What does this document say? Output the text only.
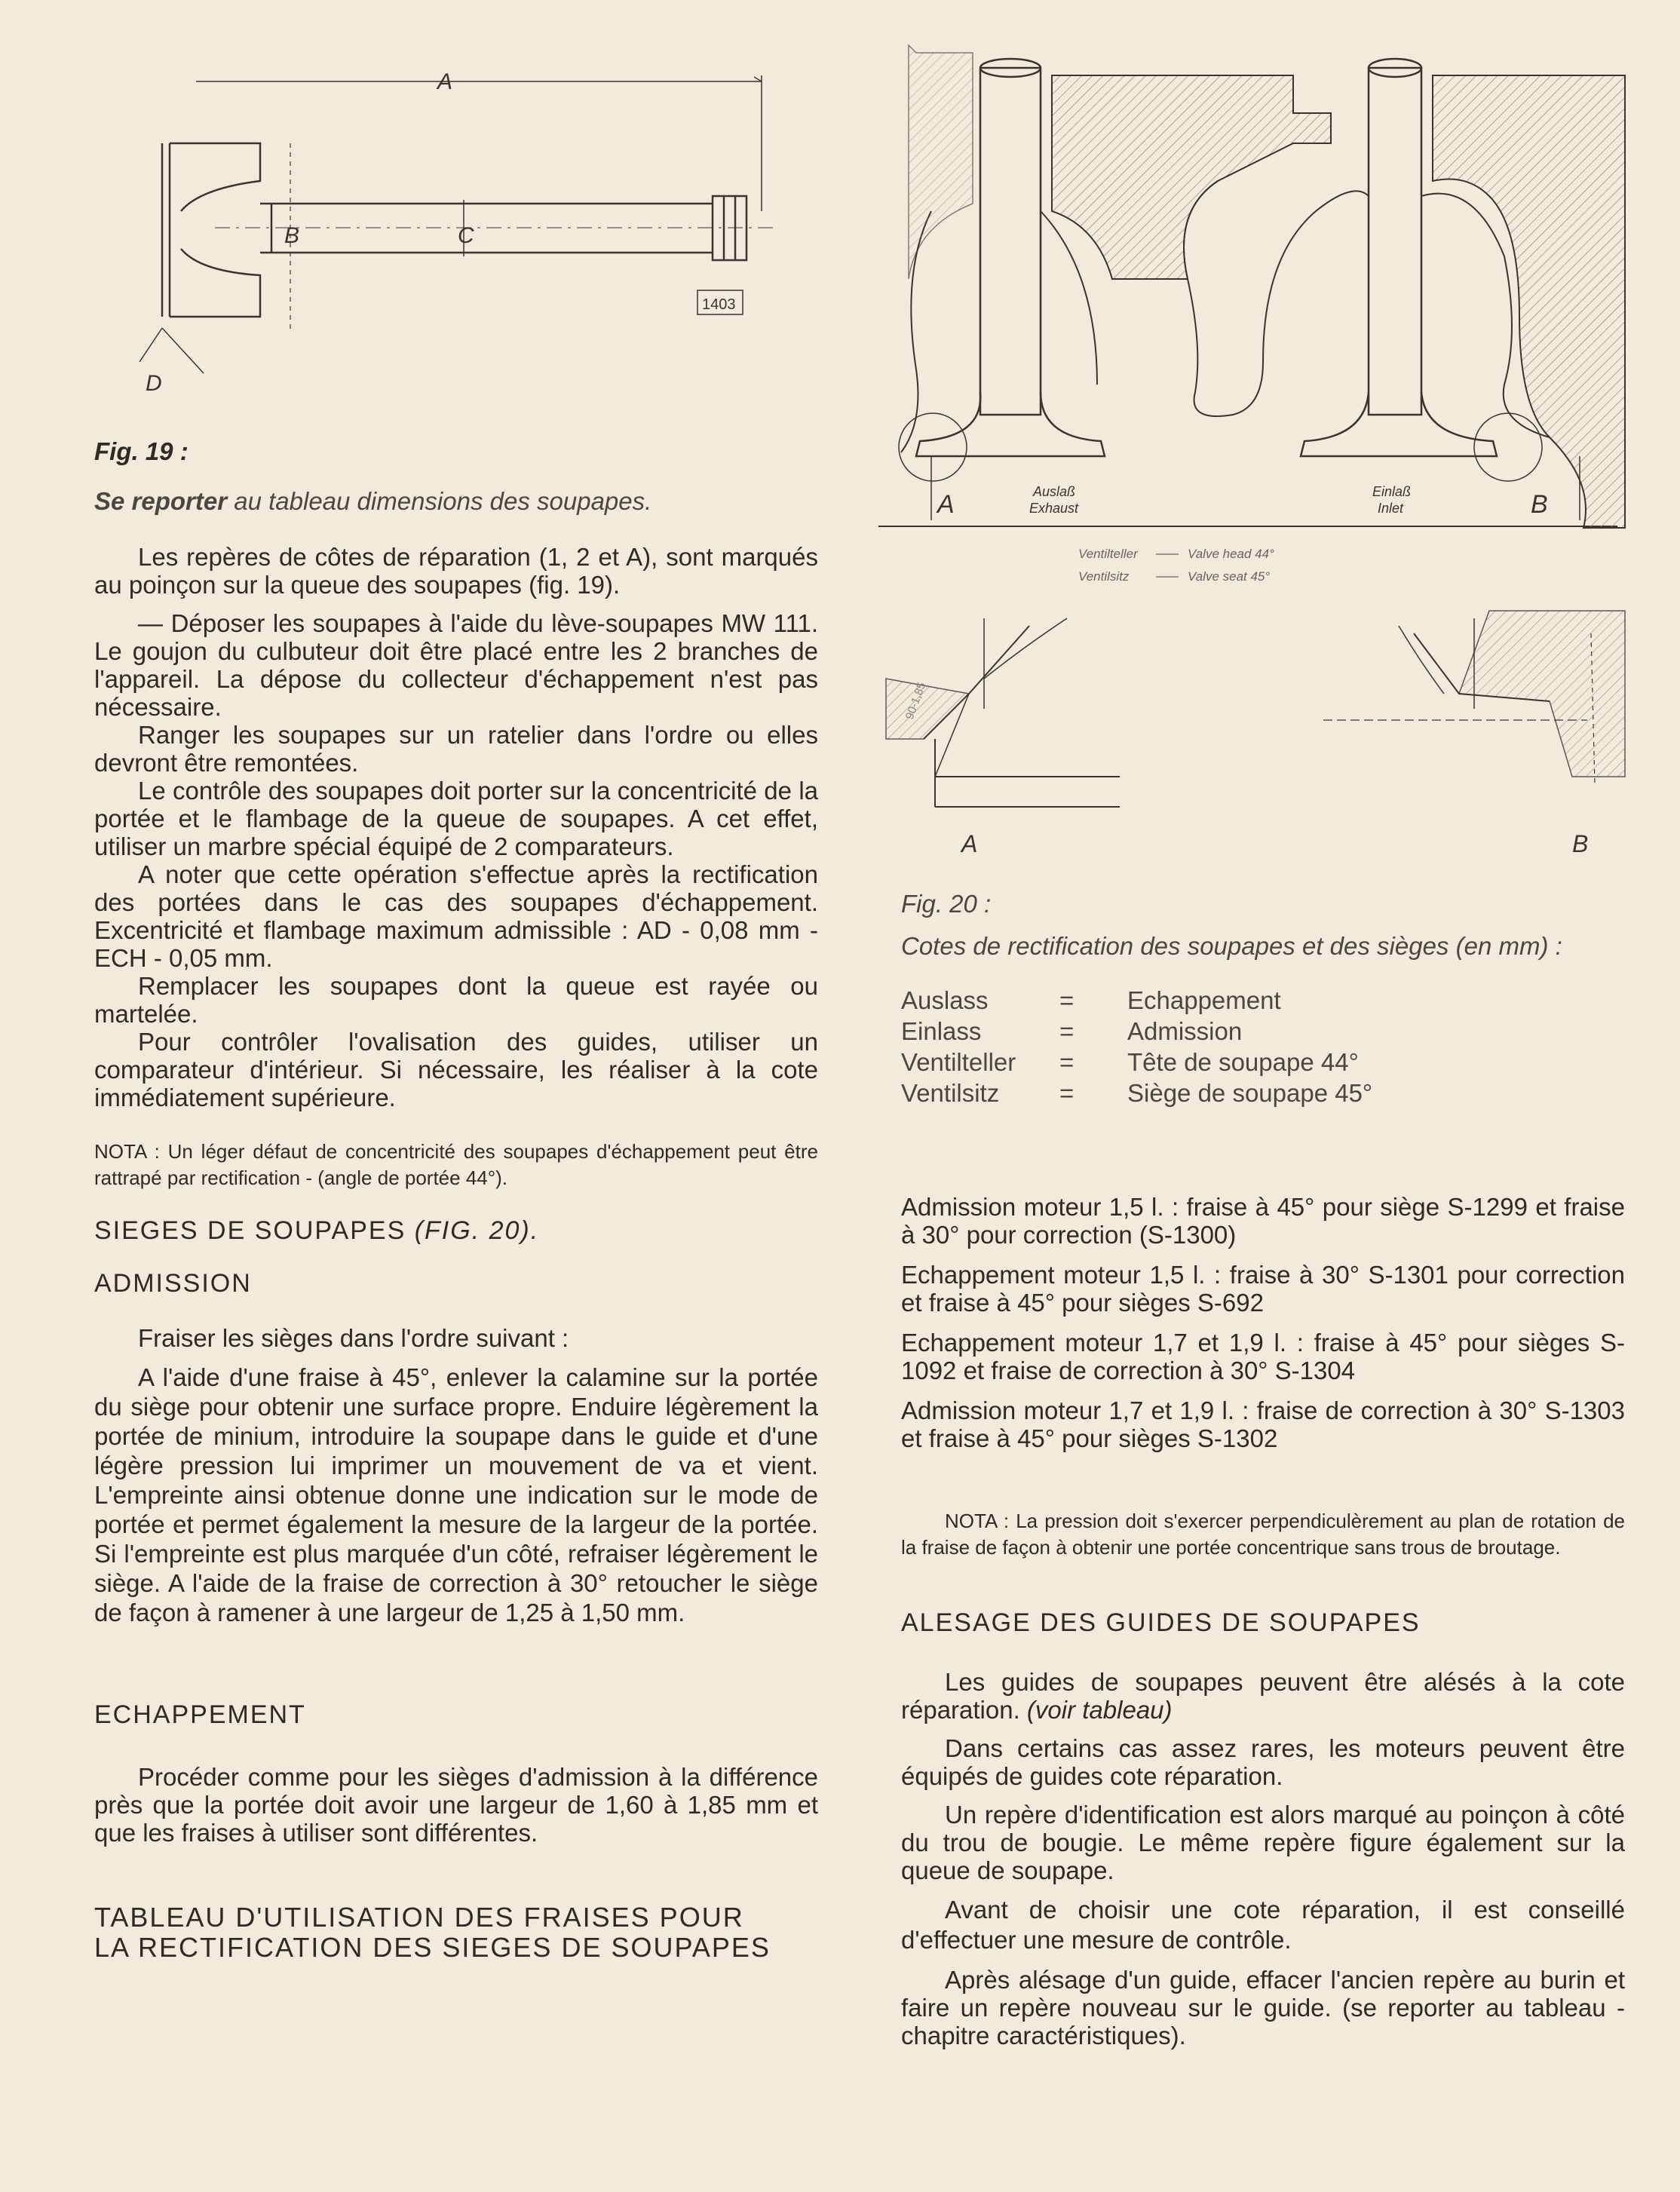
A
B	C
D
1403

Fig. 19 :

Se reporter au tableau dimensions des soupapes.

Les repères de côtes de réparation (1, 2 et A), sont marqués au poinçon sur la queue des soupapes (fig. 19).

— Déposer les soupapes à l'aide du lève-soupapes MW 111. Le goujon du culbuteur doit être placé entre les 2 branches de l'appareil. La dépose du collecteur d'échappement n'est pas nécessaire.

Ranger les soupapes sur un ratelier dans l'ordre ou elles devront être remontées.

Le contrôle des soupapes doit porter sur la concentricité de la portée et le flambage de la queue de soupapes. A cet effet, utiliser un marbre spécial équipé de 2 comparateurs.

A noter que cette opération s'effectue après la rectification des portées dans le cas des soupapes d'échappement. Excentricité et flambage maximum admissible : AD - 0,08 mm - ECH - 0,05 mm.

Remplacer les soupapes dont la queue est rayée ou martelée.

Pour contrôler l'ovalisation des guides, utiliser un comparateur d'intérieur. Si nécessaire, les réaliser à la cote immédiatement supérieure.

NOTA : Un léger défaut de concentricité des soupapes d'échappement peut être rattrapé par rectification - (angle de portée 44°).

SIEGES DE SOUPAPES (FIG. 20).

ADMISSION

Fraiser les sièges dans l'ordre suivant :

A l'aide d'une fraise à 45°, enlever la calamine sur la portée du siège pour obtenir une surface propre. Enduire légèrement la portée de minium, introduire la soupape dans le guide et d'une légère pression lui imprimer un mouvement de va et vient. L'empreinte ainsi obtenue donne une indication sur le mode de portée et permet également la mesure de la largeur de la portée. Si l'empreinte est plus marquée d'un côté, refraiser légèrement le siège. A l'aide de la fraise de correction à 30° retoucher le siège de façon à ramener à une largeur de 1,25 à 1,50 mm.

ECHAPPEMENT

Procéder comme pour les sièges d'admission à la différence près que la portée doit avoir une largeur de 1,60 à 1,85 mm et que les fraises à utiliser sont différentes.

TABLEAU D'UTILISATION DES FRAISES POUR

LA RECTIFICATION DES SIEGES DE SOUPAPES

A	B
Auslaß
Exhaust
Einlaß
Inlet
Ventilteller	Valve head 44°
Ventilsitz	Valve seat 45°
90-1,85
A	B

Fig. 20 :

Cotes de rectification des soupapes et des sièges (en mm) :

Auslass	=	Echappement
Einlass	=	Admission
Ventilteller	=	Tête de soupape 44°
Ventilsitz	=	Siège de soupape 45°

Admission moteur 1,5 l. : fraise à 45° pour siège S-1299 et fraise à 30° pour correction (S-1300)

Echappement moteur 1,5 l. : fraise à 30° S-1301 pour correction et fraise à 45° pour sièges S-692

Echappement moteur 1,7 et 1,9 l. : fraise à 45° pour sièges S-1092 et fraise de correction à 30° S-1304

Admission moteur 1,7 et 1,9 l. : fraise de correction à 30° S-1303 et fraise à 45° pour sièges S-1302

NOTA : La pression doit s'exercer perpendiculèrement au plan de rotation de la fraise de façon à obtenir une portée concentrique sans trous de broutage.

ALESAGE DES GUIDES DE SOUPAPES

Les guides de soupapes peuvent être alésés à la cote réparation. (voir tableau)

Dans certains cas assez rares, les moteurs peuvent être équipés de guides cote réparation.

Un repère d'identification est alors marqué au poinçon à côté du trou de bougie. Le même repère figure également sur la queue de soupape.

Avant de choisir une cote réparation, il est conseillé d'effectuer une mesure de contrôle.

Après alésage d'un guide, effacer l'ancien repère au burin et faire un repère nouveau sur le guide. (se reporter au tableau - chapitre caractéristiques).
